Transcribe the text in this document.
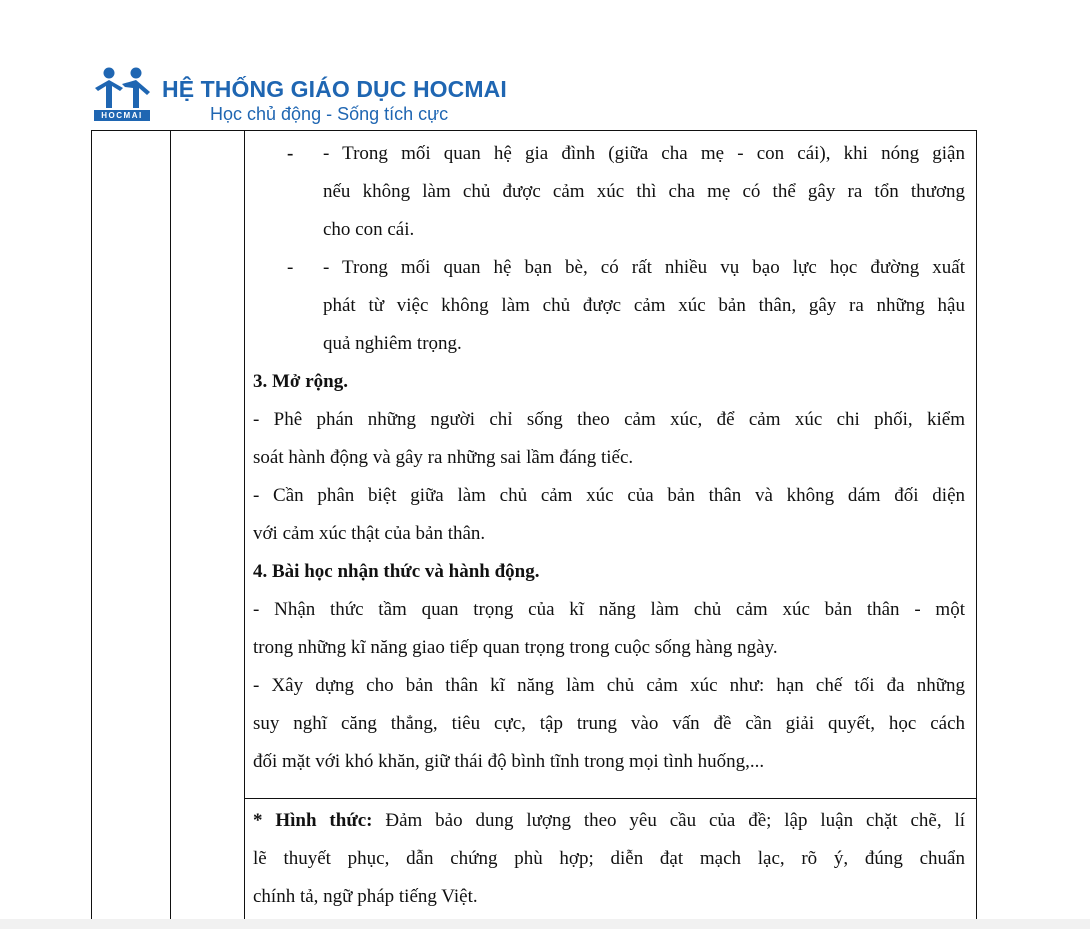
HOCMAI
HỆ THỐNG GIÁO DỤC HOCMAI
Học chủ động - Sống tích cực
- - Trong mối quan hệ gia đình (giữa cha mẹ - con cái), khi nóng giận
nếu không làm chủ được cảm xúc thì cha mẹ có thể gây ra tổn thương
cho con cái.
- - Trong mối quan hệ bạn bè, có rất nhiều vụ bạo lực học đường xuất
phát từ việc không làm chủ được cảm xúc bản thân, gây ra những hậu
quả nghiêm trọng.
3. Mở rộng.
- Phê phán những người chỉ sống theo cảm xúc, để cảm xúc chi phối, kiểm
soát hành động và gây ra những sai lầm đáng tiếc.
- Cần phân biệt giữa làm chủ cảm xúc của bản thân và không dám đối diện
với cảm xúc thật của bản thân.
4. Bài học nhận thức và hành động.
- Nhận thức tầm quan trọng của kĩ năng làm chủ cảm xúc bản thân - một
trong những kĩ năng giao tiếp quan trọng trong cuộc sống hàng ngày.
- Xây dựng cho bản thân kĩ năng làm chủ cảm xúc như: hạn chế tối đa những
suy nghĩ căng thẳng, tiêu cực, tập trung vào vấn đề cần giải quyết, học cách
đối mặt với khó khăn, giữ thái độ bình tĩnh trong mọi tình huống,...
* Hình thức: Đảm bảo dung lượng theo yêu cầu của đề; lập luận chặt chẽ, lí
lẽ thuyết phục, dẫn chứng phù hợp; diễn đạt mạch lạc, rõ ý, đúng chuẩn
chính tả, ngữ pháp tiếng Việt.
